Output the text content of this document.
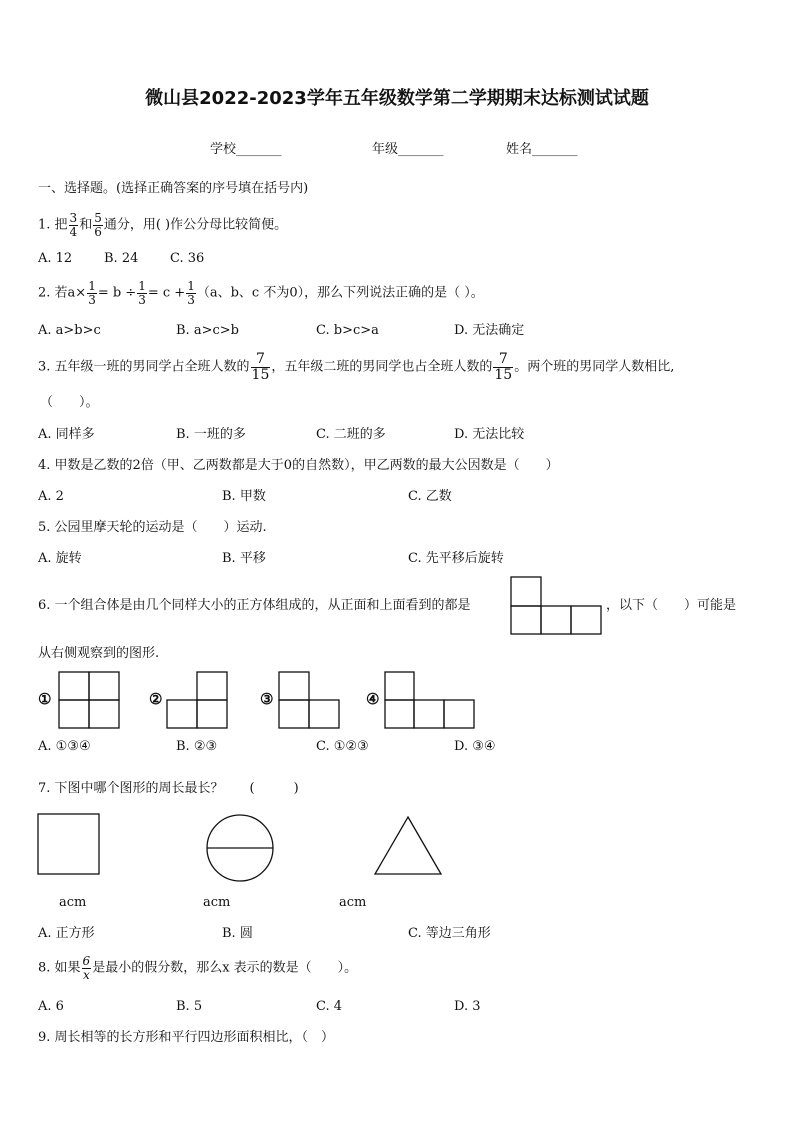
微山县2022-2023学年五年级数学第二学期期末达标测试试题
学校_______	年级_______	姓名_______
一、选择题。(选择正确答案的序号填在括号内)
1. 把 $\frac{3}{4}$ 和 $\frac{5}{6}$ 通分，用( )作公分母比较简便。
A. 12 B. 24 C. 36
2. 若$a\times \frac{1}{3} = b \div \frac{1}{3} = c + \frac{1}{3} (a$、b、c 不为0），那么下列说法正确的是（ ）。
A. a>b>c	B. a>c>b	C. b>c>a	D. 无法确定
3. 五年级一班的男同学占全班人数的 $\frac{7}{15}$ ，五年级二班的男同学也占全班人数的 $\frac{7}{15}$ 。两个班的男同学人数相比,
（　　）。
A. 同样多	B. 一班的多	C. 二班的多	D. 无法比较
4. 甲数是乙数的2倍（甲、乙两数都是大于0的自然数），甲乙两数的最大公因数是（　　）
A. 2	B. 甲数	C. 乙数
5. 公园里摩天轮的运动是（　　）运动.
A. 旋转	B. 平移	C. 先平移后旋转
6. 一个组合体是由几个同样大小的正方体组成的，从正面和上面看到的都是	，以下（　　）可能是
从右侧观察到的图形.
①	②	③	④
A. ①③④	B. ②③	C. ①②③	D. ③④
7. 下图中哪个图形的周长最长？　　(　　　)
acm	acm	acm
A. 正方形	B. 圆	C. 等边三角形
8. 如果 $\frac{6}{x}$ 是最小的假分数，那么x 表示的数是（　　）。
A. 6	B. 5	C. 4	D. 3
9. 周长相等的长方形和平行四边形面积相比，（　）
